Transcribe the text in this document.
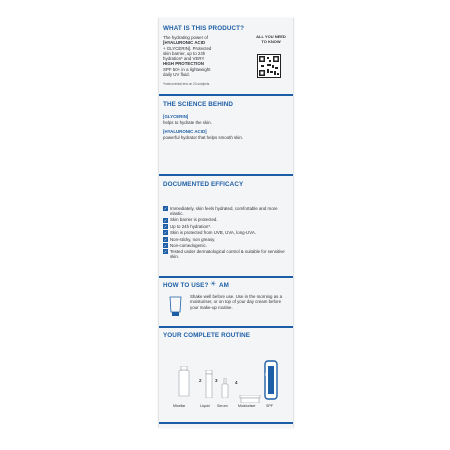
WHAT IS THIS PRODUCT?
The hydrating power of
[HYALURONIC ACID
+ GLYCERIN]. Protected
skin barrier, up to 24h
hydration* and VERY
HIGH PROTECTION
SPF 50+ in a lightweight
daily UV fluid.
*Instrumental test on 24 subjects.
ALL YOU NEED TO KNOW
THE SCIENCE BEHIND
[GLYCERIN]
helps to hydrate the skin.
[HYALURONIC ACID]
powerful hydrator that helps smooth skin.
DOCUMENTED EFFICACY
✓ Immediately, skin feels hydrated, comfortable and more elastic.
✓ Skin barrier is protected.
✓ Up to 24h hydration*.
✓ Skin is protected from UVB, UVA, long-UVA.
✓ Non-sticky, non greasy.
✓ Non-comedogenic.
✓ Tested under dermatological control & suitable for sensitive skin.
HOW TO USE? ☀ AM
Shake well before use. Use in the morning as a moisturiser, or on top of your day cream before your make-up routine.
YOUR COMPLETE ROUTINE
Micellar
2
Liquid
3
Serum
4
Moisturiser
5
SPF
